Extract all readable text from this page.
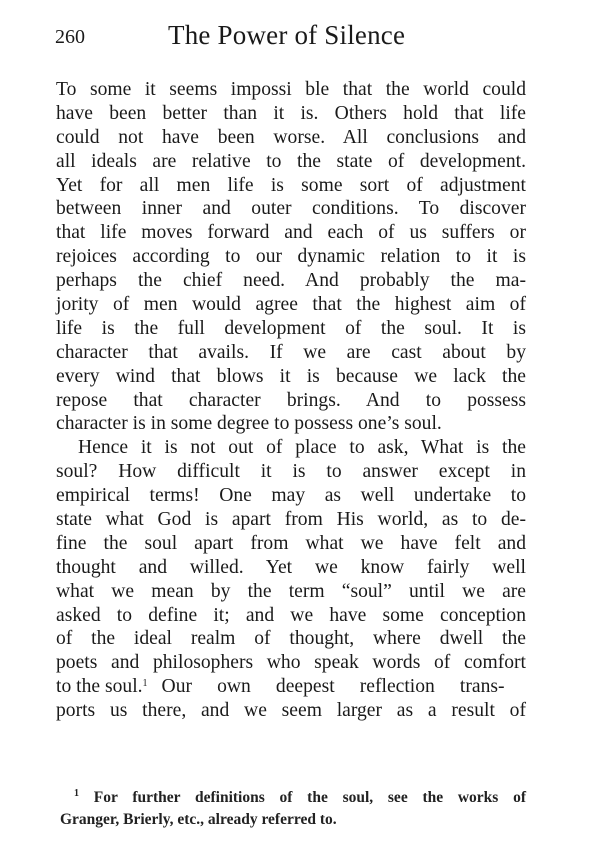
260	The Power of Silence
To some it seems impossi ble that the world could
have been better than it is. Others hold that life
could not have been worse. All conclusions and
all ideals are relative to the state of development.
Yet for all men life is some sort of adjustment
between inner and outer conditions. To discover
that life moves forward and each of us suffers or
rejoices according to our dynamic relation to it is
perhaps the chief need. And probably the ma-
jority of men would agree that the highest aim of
life is the full development of the soul. It is
character that avails. If we are cast about by
every wind that blows it is because we lack the
repose that character brings. And to possess
character is in some degree to possess one’s soul.
Hence it is not out of place to ask, What is the
soul? How difficult it is to answer except in
empirical terms! One may as well undertake to
state what God is apart from His world, as to de-
fine the soul apart from what we have felt and
thought and willed. Yet we know fairly well
what we mean by the term “soul” until we are
asked to define it; and we have some conception
of the ideal realm of thought, where dwell the
poets and philosophers who speak words of comfort
to the soul.$^1$ Our own deepest reflection trans-
ports us there, and we seem larger as a result of
$^1$ For further definitions of the soul, see the works of
Granger, Brierly, etc., already referred to.
